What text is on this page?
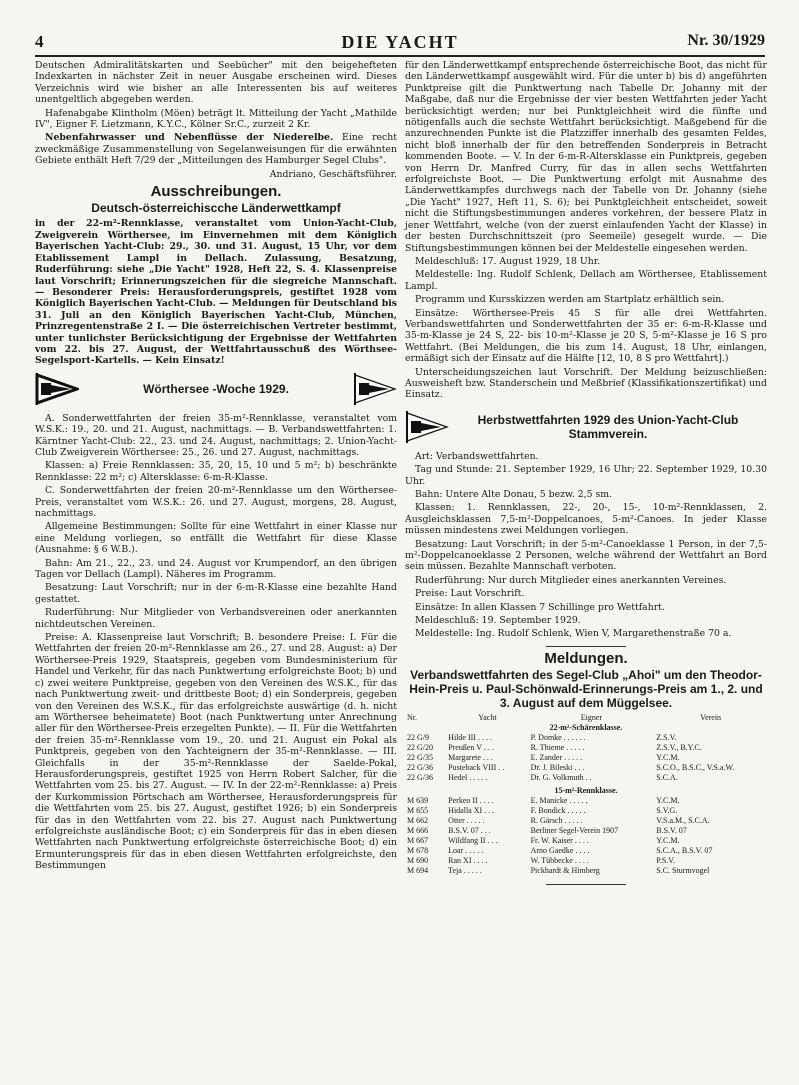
4	DIE YACHT	Nr. 30/1929

Deutschen Admiralitätskarten und Seebücher" mit den beigehefteten Indexkarten in nächster Zeit in neuer Ausgabe erscheinen wird. Dieses Verzeichnis wird wie bisher an alle Interessenten bis auf weiteres unentgeltlich abgegeben werden.

Hafenabgabe Klintholm (Möen) beträgt lt. Mitteilung der Yacht „Mathilde IV", Eigner F. Lietzmann, K.Y.C., Kölner Sr.C., zurzeit 2 Kr.

Nebenfahrwasser und Nebenflüsse der Niederelbe. Eine recht zweckmäßige Zusammenstellung von Segelanweisungen für die erwähnten Gebiete enthält Heft 7/29 der „Mitteilungen des Hamburger Segel Clubs".

Andriano, Geschäftsführer.

Ausschreibungen.
Deutsch-österreichiscche Länderwettkampf

in der 22-m²-Rennklasse, veranstaltet vom Union-Yacht-Club, Zweigverein Wörthersee, im Einvernehmen mit dem Königlich Bayerischen Yacht-Club: 29., 30. und 31. August, 15 Uhr, vor dem Etablissement Lampl in Dellach. Zulassung, Besatzung, Ruderführung: siehe „Die Yacht" 1928, Heft 22, S. 4. Klassenpreise laut Vorschrift; Erinnerungszeichen für die siegreiche Mannschaft. — Besonderer Preis: Herausforderungspreis, gestiftet 1928 vom Königlich Bayerischen Yacht-Club. — Meldungen für Deutschland bis 31. Juli an den Königlich Bayerischen Yacht-Club, München, Prinzregentenstraße 2 I. — Die österreichischen Vertreter bestimmt, unter tunlichster Berücksichtigung der Ergebnisse der Wettfahrten vom 22. bis 27. August, der Wettfahrtausschuß des Wörthsee-Segelsport-Kartells. — Kein Einsatz!

Wörthersee -Woche 1929.

A. Sonderwettfahrten der freien 35-m²-Rennklasse, veranstaltet vom W.S.K.: 19., 20. und 21. August, nachmittags. — B. Verbandswettfahrten: 1. Kärntner Yacht-Club: 22., 23. und 24. August, nachmittags; 2. Union-Yacht-Club Zweigverein Wörthersee: 25., 26. und 27. August, nachmittags.

Klassen: a) Freie Rennklassen: 35, 20, 15, 10 und 5 m²; b) beschränkte Rennklasse: 22 m²; c) Altersklasse: 6-m-R-Klasse.

C. Sonderwettfahrten der freien 20-m²-Rennklasse um den Wörthersee-Preis, veranstaltet vom W.S.K.: 26. und 27. August, morgens, 28. August, nachmittags.

Allgemeine Bestimmungen: Sollte für eine Wettfahrt in einer Klasse nur eine Meldung vorliegen, so entfällt die Wettfahrt für diese Klasse (Ausnahme: § 6 W.B.).

Bahn: Am 21., 22., 23. und 24. August vor Krumpendorf, an den übrigen Tagen vor Dellach (Lampl). Näheres im Programm.

Besatzung: Laut Vorschrift; nur in der 6-m-R-Klasse eine bezahlte Hand gestattet.

Ruderführung: Nur Mitglieder von Verbandsvereinen oder anerkannten nichtdeutschen Vereinen.

Preise: A. Klassenpreise laut Vorschrift; B. besondere Preise: I. Für die Wettfahrten der freien 20-m²-Rennklasse am 26., 27. und 28. August: a) Der Wörthersee-Preis 1929, Staatspreis, gegeben vom Bundesministerium für Handel und Verkehr, für das nach Punktwertung erfolgreichste Boot; b) und c) zwei weitere Punktpreise, gegeben von den Vereinen des W.S.K., für das nach Punktwertung zweit- und drittbeste Boot; d) ein Sonderpreis, gegeben von den Vereinen des W.S.K., für das erfolgreichste auswärtige (d. h. nicht am Wörthersee beheimatete) Boot (nach Punktwertung unter Anrechnung aller für den Wörthersee-Preis erzegelten Punkte). — II. Für die Wettfahrten der freien 35-m²-Rennklasse vom 19., 20. und 21. August ein Pokal als Punktpreis, gegeben von den Yachteignern der 35-m²-Rennklasse. — III. Gleichfalls in der 35-m²-Rennklasse der Saelde-Pokal, Herausforderungspreis, gestiftet 1925 von Herrn Robert Salcher, für die Wettfahrten vom 25. bis 27. August. — IV. In der 22-m²-Rennklasse: a) Preis der Kurkommission Pörtschach am Wörthersee, Herausforderungspreis für die Wettfahrten vom 25. bis 27. August, gestiftet 1926; b) ein Sonderpreis für das in den Wettfahrten vom 22. bis 27. August nach Punktwertung erfolgreichste ausländische Boot; c) ein Sonderpreis für das in eben diesen Wettfahrten nach Punktwertung erfolgreichste österreichische Boot; d) ein Ermunterungspreis für das in eben diesen Wettfahrten erfolgreichste, den Bestimmungen

für den Länderwettkampf entsprechende österreichische Boot, das nicht für den Länderwettkampf ausgewählt wird. Für die unter b) bis d) angeführten Punktpreise gilt die Punktwertung nach Tabelle Dr. Johanny mit der Maßgabe, daß nur die Ergebnisse der vier besten Wettfahrten jeder Yacht berücksichtigt werden; nur bei Punktgleichheit wird die fünfte und nötigenfalls auch die sechste Wettfahrt berücksichtigt. Maßgebend für die anzurechnenden Punkte ist die Platzziffer innerhalb des gesamten Feldes, nicht bloß innerhalb der für den betreffenden Sonderpreis in Betracht kommenden Boote. — V. In der 6-m-R-Altersklasse ein Punktpreis, gegeben von Herrn Dr. Manfred Curry, für das in allen sechs Wettfahrten erfolgreichste Boot. — Die Punktwertung erfolgt mit Ausnahme des Länderwettkampfes durchwegs nach der Tabelle von Dr. Johanny (siehe „Die Yacht" 1927, Heft 11, S. 6); bei Punktgleichheit entscheidet, soweit nicht die Stiftungsbestimmungen anderes vorkehren, der bessere Platz in jener Wettfahrt, welche (von der zuerst einlaufenden Yacht der Klasse) in der besten Durchschnittszeit (pro Seemeile) gesegelt wurde. — Die Stiftungsbestimmungen können bei der Meldestelle eingesehen werden.

Meldeschluß: 17. August 1929, 18 Uhr.

Meldestelle: Ing. Rudolf Schlenk, Dellach am Wörthersee, Etablissement Lampl.

Programm und Kursskizzen werden am Startplatz erhältlich sein.

Einsätze: Wörthersee-Preis 45 S für alle drei Wettfahrten. Verbandswettfahrten und Sonderwettfahrten der 35 er: 6-m-R-Klasse und 35-m-Klasse je 24 S, 22- bis 10-m²-Klasse je 20 S, 5-m²-Klasse je 16 S pro Wettfahrt. (Bei Meldungen, die bis zum 14. August, 18 Uhr, einlangen, ermäßigt sich der Einsatz auf die Hälfte [12, 10, 8 S pro Wettfahrt].)

Unterscheidungszeichen laut Vorschrift. Der Meldung beizuschließen: Ausweisheft bzw. Standerschein und Meßbrief (Klassifikationszertifikat) und Einsatz.

Herbstwettfahrten 1929 des Union-Yacht-Club Stammverein.

Art: Verbandswettfahrten.

Tag und Stunde: 21. September 1929, 16 Uhr; 22. September 1929, 10.30 Uhr.

Bahn: Untere Alte Donau, 5 bezw. 2,5 sm.

Klassen: 1. Rennklassen, 22-, 20-, 15-, 10-m²-Rennklassen, 2. Ausgleichsklassen 7,5-m²-Doppelcanoes, 5-m²-Canoes. In jeder Klasse müssen mindestens zwei Meldungen vorliegen.

Besatzung: Laut Vorschrift; in der 5-m²-Canoeklasse 1 Person, in der 7,5-m²-Doppelcanoeklasse 2 Personen, welche während der Wettfahrt an Bord sein müssen. Bezahlte Mannschaft verboten.

Ruderführung: Nur durch Mitglieder eines anerkannten Vereines.

Preise: Laut Vorschrift.

Einsätze: In allen Klassen 7 Schillinge pro Wettfahrt.

Meldeschluß: 19. September 1929.

Meldestelle: Ing. Rudolf Schlenk, Wien V, Margarethenstraße 70 a.

Meldungen.
Verbandswettfahrten des Segel-Club „Ahoi" um den Theodor-Hein-Preis u. Paul-Schönwald-Erinnerungs-Preis am 1., 2. und 3. August auf dem Müggelsee.
Nr.	Yacht	Eigner	Verein
22-m²-Schärenklasse.			
22 G/9	Hilde III . . . .	P. Domke . . . . . .	Z.S.V.
22 G/20	Preußen V . . .	R. Thieme . . . . .	Z.S.V., B.Y.C.
22 G/35	Margarete . . .	E. Zander . . . . .	Y.C.M.
22 G/36	Pusteback VIII . .	Dr. J. Bileski . . .	S.C.O., B.S.C., V.S.a.W.
22 G/36	Hedel . . . . .	Dr. G. Volkmuth . .	S.C.A.
15-m²-Rennklasse.			
M 639	Perkeo II . . . .	E. Manicke . . . . .	Y.C.M.
M 655	Hidalla XI . . .	F. Bondick . . . . .	S.V.G.
M 662	Otter . . . . .	R. Gärsch . . . . .	V.S.a.M., S.C.A.
M 666	B.S.V. 07 . . .	Berliner Segel-Verein 1907	B.S.V. 07
M 667	Wildfang II . . .	Fr. W. Kaiser . . . .	Y.C.M.
M 678	Loar . . . . .	Arno Gaedke . . . .	S.C.A., B.S.V. 07
M 690	Ran XI . . . .	W. Tübbecke . . . .	P.S.V.
M 694	Teja . . . . .	Pickhardt & Himberg	S.C. Sturmvogel
